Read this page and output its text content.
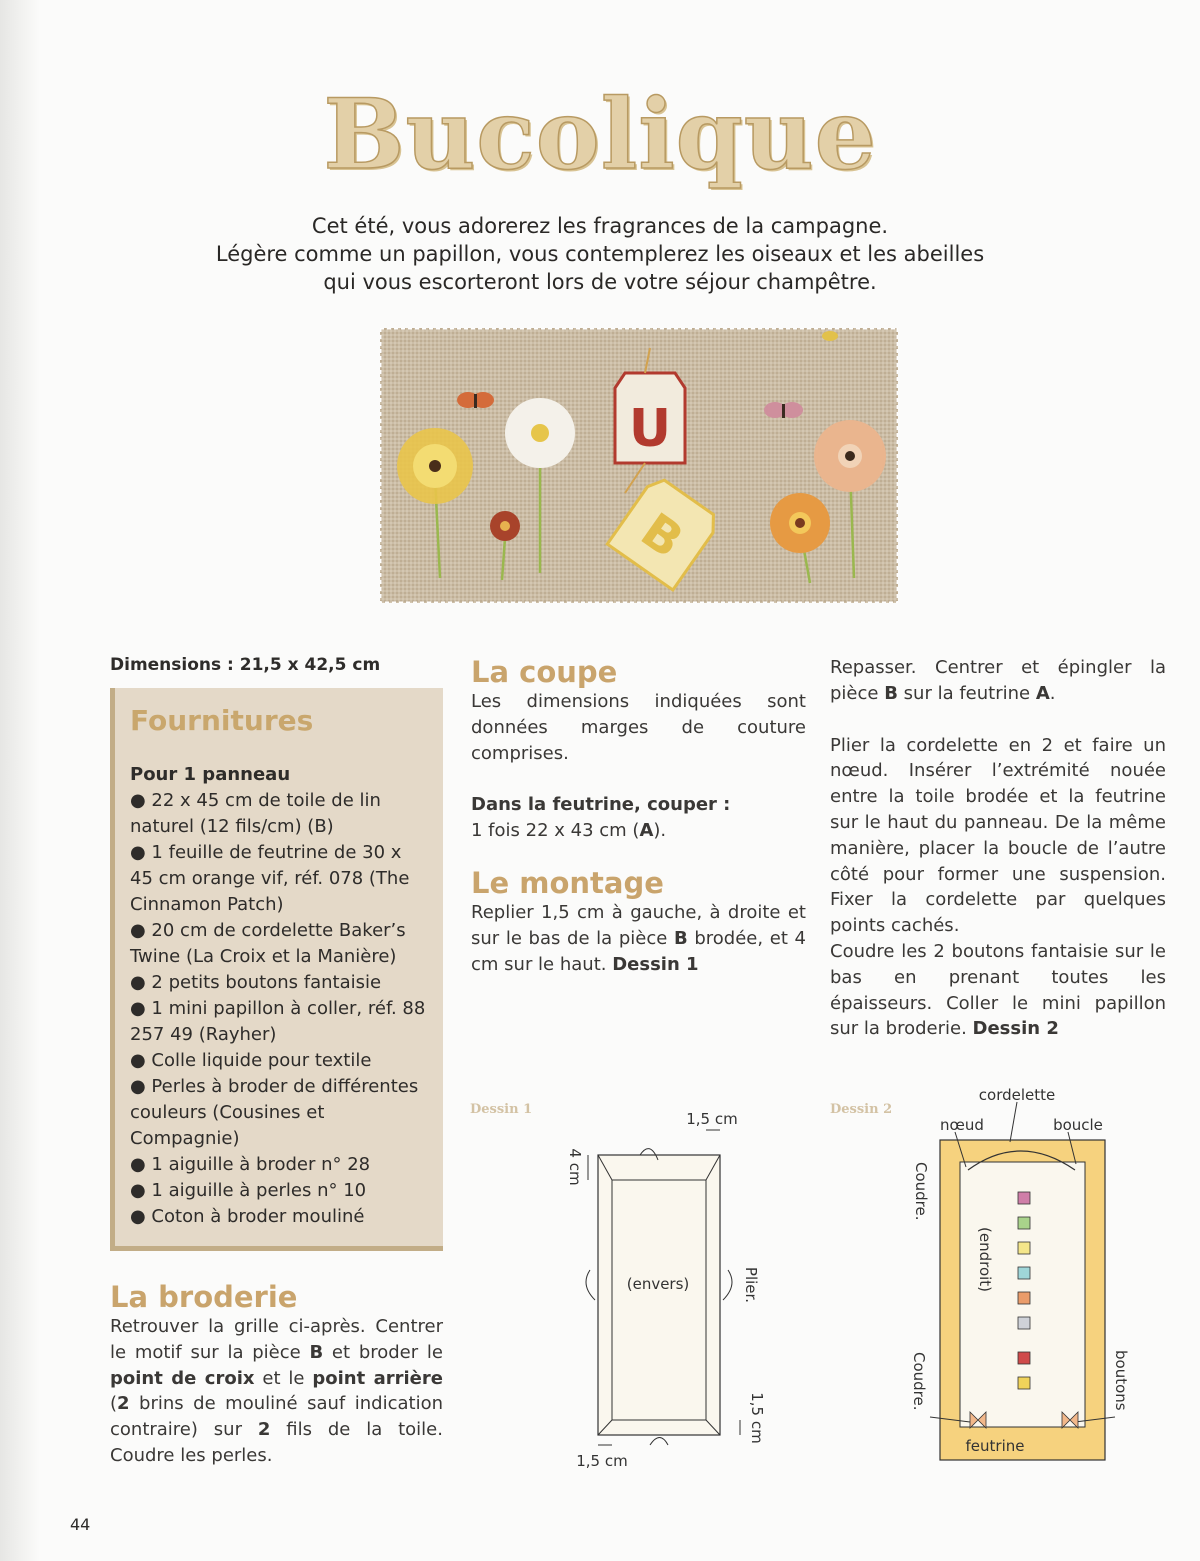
Bucolique
Cet été, vous adorerez les fragrances de la campagne.
Légère comme un papillon, vous contemplerez les oiseaux et les abeilles
qui vous escorteront lors de votre séjour champêtre.
U
B
Dimensions : 21,5 x 42,5 cm
Fournitures
Pour 1 panneau
● 22 x 45 cm de toile de lin naturel (12 fils/cm) (B)
● 1 feuille de feutrine de 30 x 45 cm orange vif, réf. 078 (The Cinnamon Patch)
● 20 cm de cordelette Baker’s Twine (La Croix et la Manière)
● 2 petits boutons fantaisie
● 1 mini papillon à coller, réf. 88 257 49 (Rayher)
● Colle liquide pour textile
● Perles à broder de différentes couleurs (Cousines et Compagnie)
● 1 aiguille à broder n° 28
● 1 aiguille à perles n° 10
● Coton à broder mouliné
La broderie

Retrouver la grille ci-après. Centrer le motif sur la pièce B et broder le point de croix et le point arrière (2 brins de mouliné sauf indication contraire) sur 2 fils de la toile. Coudre les perles.

La coupe

Les dimensions indiquées sont données marges de couture comprises.

Dans la feutrine, couper :

1 fois 22 x 43 cm (A).

Le montage

Replier 1,5 cm à gauche, à droite et sur le bas de la pièce B brodée, et 4 cm sur le haut. Dessin 1

Repasser. Centrer et épingler la pièce B sur la feutrine A.

Plier la cordelette en 2 et faire un nœud. Insérer l’extrémité nouée entre la toile brodée et la feutrine sur le haut du panneau. De la même manière, placer la boucle de l’autre côté pour former une suspension. Fixer la cordelette par quelques points cachés.

Coudre les 2 boutons fantaisie sur le bas en prenant toutes les épaisseurs. Coller le mini papillon sur la broderie. Dessin 2

Dessin 1
1,5 cm
4 cm
(envers)	Plier.
1,5 cm
1,5 cm
Dessin 2
cordelette
nœud	boucle
Coudre.
(endroit)
Coudre.	boutons
feutrine
44
